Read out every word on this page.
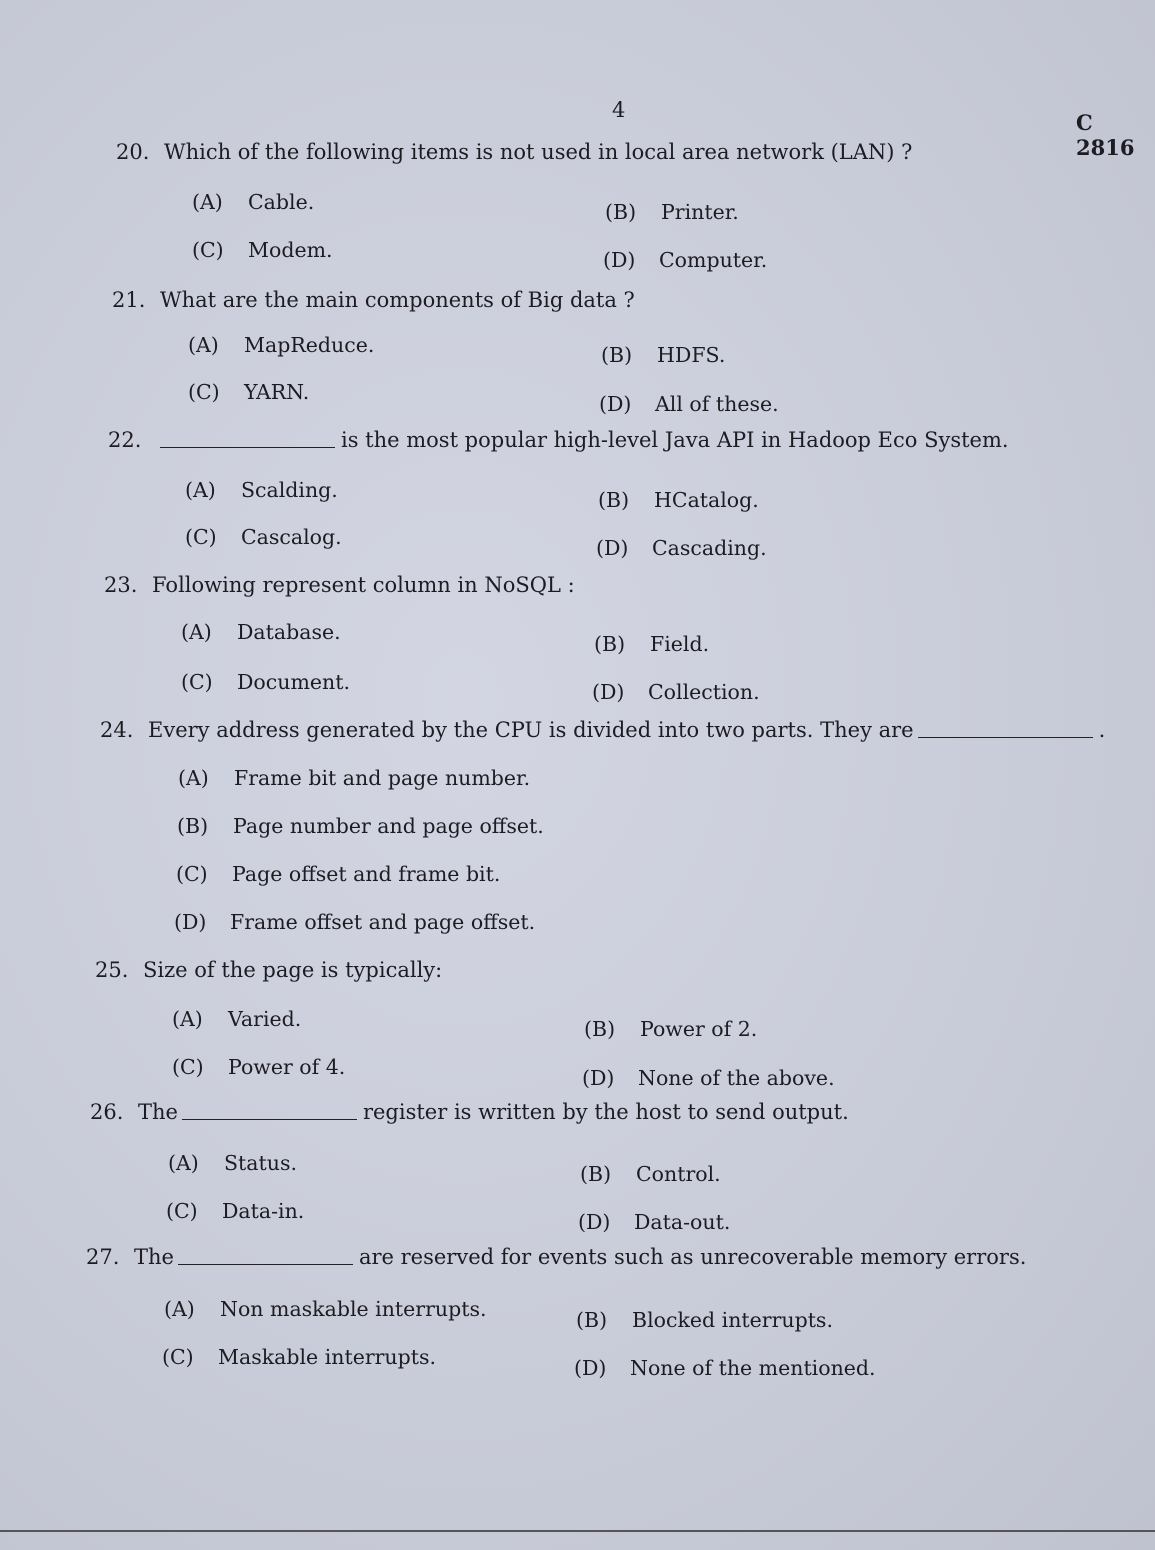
4	C 2816
20. Which of the following items is not used in local area network (LAN) ?
(A) Cable.	(B) Printer.
(C) Modem.	(D) Computer.
21. What are the main components of Big data ?
(A) MapReduce.	(B) HDFS.
(C) YARN.	(D) All of these.
22.	is the most popular high-level Java API in Hadoop Eco System.
(A) Scalding.	(B) HCatalog.
(C) Cascalog.	(D) Cascading.
23. Following represent column in NoSQL :
(A) Database.	(B) Field.
(C) Document.	(D) Collection.
24. Every address generated by the CPU is divided into two parts. They are	.
(A) Frame bit and page number.
(B) Page number and page offset.
(C) Page offset and frame bit.
(D) Frame offset and page offset.
25. Size of the page is typically:
(A) Varied.	(B) Power of 2.
(C) Power of 4.	(D) None of the above.
26. The	register is written by the host to send output.
(A) Status.	(B) Control.
(C) Data-in.	(D) Data-out.
27. The	are reserved for events such as unrecoverable memory errors.
(A) Non maskable interrupts.	(B) Blocked interrupts.
(C) Maskable interrupts.	(D) None of the mentioned.
